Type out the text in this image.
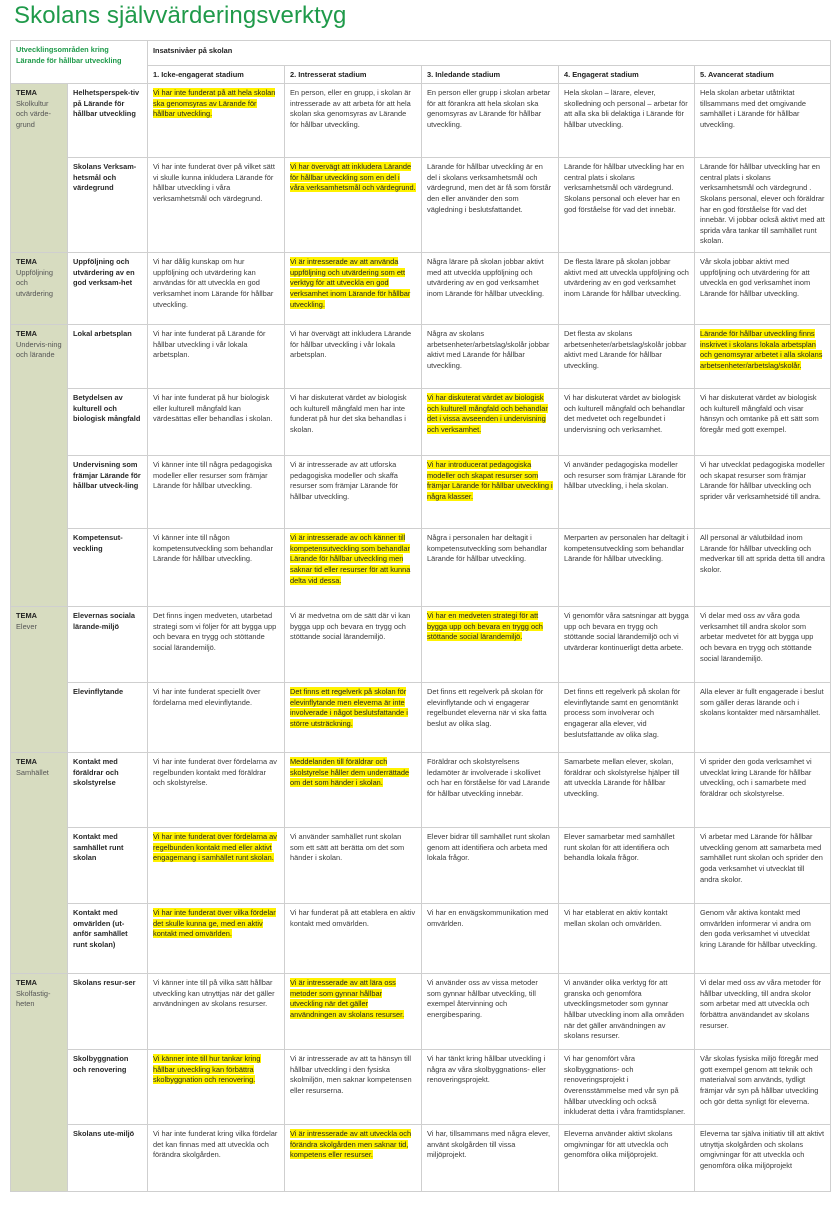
Skolans självvärderingsverktyg
Utvecklingsområden kring
Lärande för hållbar utveckling		Insatsnivåer på skolan				
		1. Icke-engagerat stadium	2. Intresserat stadium	3. Inledande stadium	4. Engagerat stadium	5. Avancerat stadium

TEMA
Skolkultur och värde-grund	Helhetsperspek-tiv på Lärande för hållbar utveckling	Vi har inte funderat på att hela skolan ska genomsyras av Lärande för hållbar utveckling.	En person, eller en grupp, i skolan är intresserade av att arbeta för att hela skolan ska genomsyras av Lärande för hållbar utveckling.	En person eller grupp i skolan arbetar för att förankra att hela skolan ska genomsyras av Lärande för hållbar utveckling.	Hela skolan – lärare, elever, skolledning och personal – arbetar för att alla ska bli delaktiga i Lärande för hållbar utveckling.	Hela skolan arbetar utåtriktat tillsammans med det omgivande samhället i Lärande för hållbar utveckling.
	Skolans Verksam-hetsmål och värdegrund	Vi har inte funderat över på vilket sätt vi skulle kunna inkludera Lärande för hållbar utveckling i våra verksamhetsmål och värdegrund.	Vi har övervägt att inkludera Lärande för hållbar utveckling som en del i våra verksamhetsmål och värdegrund.	Lärande för hållbar utveckling är en del i skolans verksamhetsmål och värdegrund, men det är få som förstår den eller använder den som vägledning i beslutsfattandet.	Lärande för hållbar utveckling har en central plats i skolans verksamhetsmål och värdegrund. Skolans personal och elever har en god förståelse för vad det innebär.	Lärande för hållbar utveckling har en central plats i skolans verksamhetsmål och värdegrund . Skolans personal, elever och föräldrar har en god förståelse för vad det innebär. Vi jobbar också aktivt med att sprida våra tankar till samhället runt skolan.

TEMA
Uppföljning och utvärdering	Uppföljning och utvärdering av en god verksam-het	Vi har dålig kunskap om hur uppföljning och utvärdering kan användas för att utveckla en god verksamhet inom Lärande för hållbar utveckling.	Vi är intresserade av att använda uppföljning och utvärdering som ett verktyg för att utveckla en god verksamhet inom Lärande för hållbar utveckling.	Några lärare på skolan jobbar aktivt med att utveckla uppföljning och utvärdering av en god verksamhet inom Lärande för hållbar utveckling.	De flesta lärare på skolan jobbar aktivt med att utveckla uppföljning och utvärdering av en god verksamhet inom Lärande för hållbar utveckling.	Vår skola jobbar aktivt med uppföljning och utvärdering för att utveckla en god verksamhet inom Lärande för hållbar utveckling.

TEMA
Undervis-ning och lärande	Lokal arbetsplan	Vi har inte funderat på Lärande för hållbar utveckling i vår lokala arbetsplan.	Vi har övervägt att inkludera Lärande för hållbar utveckling i vår lokala arbetsplan.	Några av skolans arbetsenheter/arbetslag/skolår jobbar aktivt med Lärande för hållbar utveckling.	Det flesta av skolans arbetsenheter/arbetslag/skolår jobbar aktivt med Lärande för hållbar utveckling.	Lärande för hållbar utveckling finns inskrivet i skolans lokala arbetsplan och genomsyrar arbetet i alla skolans arbetsenheter/arbetslag/skolår.
	Betydelsen av kulturell och biologisk mångfald	Vi har inte funderat på hur biologisk eller kulturell mångfald kan värdesättas eller behandlas i skolan.	Vi har diskuterat värdet av biologisk och kulturell mångfald men har inte funderat på hur det ska behandlas i skolan.	Vi har diskuterat värdet av biologisk och kulturell mångfald och behandlar det i vissa avseenden i undervisning och verksamhet.	Vi har diskuterat värdet av biologisk och kulturell mångfald och behandlar det medvetet och regelbundet i undervisning och verksamhet.	Vi har diskuterat värdet av biologisk och kulturell mångfald och visar hänsyn och omtanke på ett sätt som föregår med gott exempel.
	Undervisning som främjar Lärande för hållbar utveck-ling	Vi känner inte till några pedagogiska modeller eller resurser som främjar Lärande för hållbar utveckling.	Vi är intresserade av att utforska pedagogiska modeller och skaffa resurser som främjar Lärande för hållbar utveckling.	Vi har introducerat pedagogiska modeller och skapat resurser som främjar Lärande för hållbar utveckling i några klasser.	Vi använder pedagogiska modeller och resurser som främjar Lärande för hållbar utveckling, i hela skolan.	Vi har utvecklat pedagogiska modeller och skapat resurser som främjar Lärande för hållbar utveckling och sprider vår verksamhetsidé till andra.
	Kompetensut-veckling	Vi känner inte till någon kompetensutveckling som behandlar Lärande för hållbar utveckling.	Vi är intresserade av och känner till kompetensutveckling som behandlar Lärande för hållbar utveckling men saknar tid eller resurser för att kunna delta vid dessa.	Några i personalen har deltagit i kompetensutveckling som behandlar Lärande för hållbar utveckling.	Merparten av personalen har deltagit i kompetensutveckling som behandlar Lärande för hållbar utveckling.	All personal är välutbildad inom Lärande för hållbar utveckling och medverkar till att sprida detta till andra skolor.

TEMA
Elever	Elevernas sociala lärande-miljö	Det finns ingen medveten, utarbetad strategi som vi följer för att bygga upp och bevara en trygg och stöttande social lärandemiljö.	Vi är medvetna om de sätt där vi kan bygga upp och bevara en trygg och stöttande social lärandemiljö.	Vi har en medveten strategi för att bygga upp och bevara en trygg och stöttande social lärandemiljö.	Vi genomför våra satsningar att bygga upp och bevara en trygg och stöttande social lärandemiljö och vi utvärderar kontinuerligt detta arbete.	Vi delar med oss av våra goda verksamhet till andra skolor som arbetar medvetet för att bygga upp och bevara en trygg och stöttande social lärandemiljö.
	Elevinflytande	Vi har inte funderat speciellt över fördelarna med elevinflytande.	Det finns ett regelverk på skolan för elevinflytande men eleverna är inte involverade i något beslutsfattande i större utsträckning.	Det finns ett regelverk på skolan för elevinflytande och vi engagerar regelbundet eleverna när vi ska fatta beslut av olika slag.	Det finns ett regelverk på skolan för elevinflytande samt en genomtänkt process som involverar och engagerar alla elever, vid beslutsfattande av olika slag.	Alla elever är fullt engagerade i beslut som gäller deras lärande och i skolans kontakter med närsamhället.

TEMA
Samhället	Kontakt med föräldrar och skolstyrelse	Vi har inte funderat över fördelarna av regelbunden kontakt med föräldrar och skolstyrelse.	Meddelanden till föräldrar och skolstyrelse håller dem underrättade om det som händer i skolan.	Föräldrar och skolstyrelsens ledamöter är involverade i skollivet och har en förståelse för vad Lärande för hållbar utveckling innebär.	Samarbete mellan elever, skolan, föräldrar och skolstyrelse hjälper till att utveckla Lärande för hållbar utveckling.	Vi sprider den goda verksamhet vi utvecklat kring Lärande för hållbar utveckling, och i samarbete med föräldrar och skolstyrelse.
	Kontakt med samhället runt skolan	Vi har inte funderat över fördelarna av regelbunden kontakt med eller aktivt engagemang i samhället runt skolan.	Vi använder samhället runt skolan som ett sätt att berätta om det som händer i skolan.	Elever bidrar till samhället runt skolan genom att identifiera och arbeta med lokala frågor.	Elever samarbetar med samhället runt skolan för att identifiera och behandla lokala frågor.	Vi arbetar med Lärande för hållbar utveckling genom att samarbeta med samhället runt skolan och sprider den goda verksamhet vi utvecklat till andra skolor.
	Kontakt med omvärlden (ut-anför samhället runt skolan)	Vi har inte funderat över vilka fördelar det skulle kunna ge, med en aktiv kontakt med omvärlden.	Vi har funderat på att etablera en aktiv kontakt med omvärlden.	Vi har en envägskommunikation med omvärlden.	Vi har etablerat en aktiv kontakt mellan skolan och omvärlden.	Genom vår aktiva kontakt med omvärlden informerar vi andra om den goda verksamhet vi utvecklat kring Lärande för hållbar utveckling.

TEMA
Skolfastig-heten	Skolans resur-ser	Vi känner inte till på vilka sätt hållbar utveckling kan utnyttjas när det gäller användningen av skolans resurser.	Vi är intresserade av att lära oss metoder som gynnar hållbar utveckling när det gäller användningen av skolans resurser.	Vi använder oss av vissa metoder som gynnar hållbar utveckling, till exempel återvinning och energibesparing.	Vi använder olika verktyg för att granska och genomföra utvecklingsmetoder som gynnar hållbar utveckling inom alla områden när det gäller användningen av skolans resurser.	Vi delar med oss av våra metoder för hållbar utveckling, till andra skolor som arbetar med att utveckla och förbättra användandet av skolans resurser.
	Skolbyggnation och renovering	Vi känner inte till hur tankar kring hållbar utveckling kan förbättra skolbyggnation och renovering.	Vi är intresserade av att ta hänsyn till hållbar utveckling i den fysiska skolmiljön, men saknar kompetensen eller resurserna.	Vi har tänkt kring hållbar utveckling i några av våra skolbyggnations- eller renoveringsprojekt.	Vi har genomfört våra skolbyggnations- och renoveringsprojekt i överensstämmelse med vår syn på hållbar utveckling och också inkluderat detta i våra framtidsplaner.	Vår skolas fysiska miljö föregår med gott exempel genom att teknik och materialval som används, tydligt främjar vår syn på hållbar utveckling och gör detta synligt för eleverna.
	Skolans ute-miljö	Vi har inte funderat kring vilka fördelar det kan finnas med att utveckla och förändra skolgården.	Vi är intresserade av att utveckla och förändra skolgården men saknar tid, kompetens eller resurser.	Vi har, tillsammans med några elever, använt skolgården till vissa miljöprojekt.	Eleverna använder aktivt skolans omgivningar för att utveckla och genomföra olika miljöprojekt.	Eleverna tar själva initiativ till att aktivt utnyttja skolgården och skolans omgivningar för att utveckla och genomföra olika miljöprojekt
